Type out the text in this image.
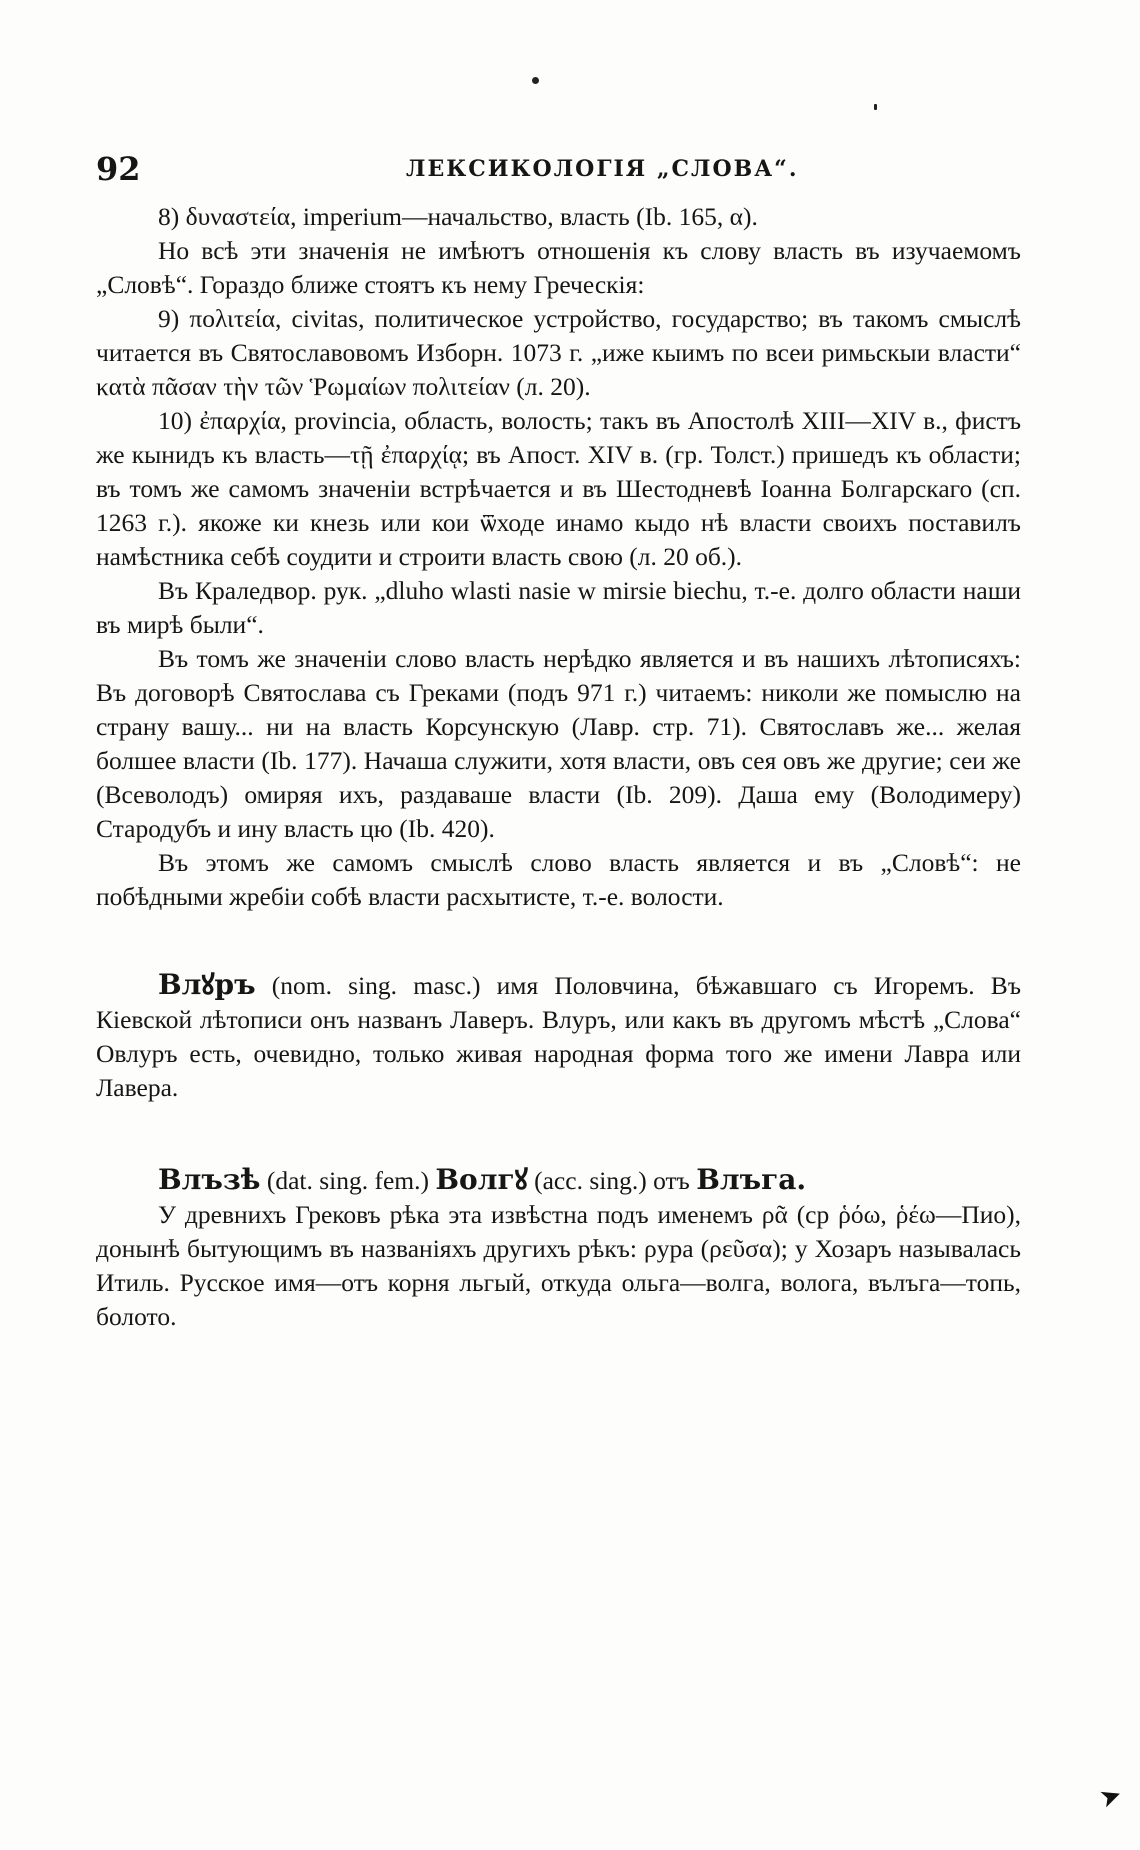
92	ЛЕКСИКОЛОГІЯ „СЛОВА“.

8) δυναστεία, imperium—начальство, власть (Ib. 165, α).

Но всѣ эти значенія не имѣютъ отношенія къ слову власть въ изучаемомъ „Словѣ“. Гораздо ближе стоятъ къ нему Греческія:

9) πολιτεία, civitas, политическое устройство, государство; въ такомъ смыслѣ читается въ Святославовомъ Изборн. 1073 г. „иже кыимъ по всеи римьскыи власти“ κατὰ πᾶσαν τὴν τῶν Ῥωμαίων πολιτείαν (л. 20).

10) ἐπαρχία, provincia, область, волость; такъ въ Апостолѣ XIII—XIV в., фистъ же кынидъ къ власть—τῇ ἐπαρχίᾳ; въ Апост. XIV в. (гр. Толст.) пришедъ къ области; въ томъ же самомъ значеніи встрѣчается и въ Шестодневѣ Іоанна Болгарскаго (сп. 1263 г.). якоже ки кнезь или кои ѿходе инамо кыдо нѣ власти своихъ поставилъ намѣстника себѣ соудити и строити власть свою (л. 20 об.).

Въ Краледвор. рук. „dluho wlasti nasie w mirsie biechu, т.-е. долго области наши въ мирѣ были“.

Въ томъ же значеніи слово власть нерѣдко является и въ нашихъ лѣтописяхъ: Въ договорѣ Святослава съ Греками (подъ 971 г.) читаемъ: николи же помыслю на страну вашу... ни на власть Корсунскую (Лавр. стр. 71). Святославъ же... желая болшее власти (Ib. 177). Начаша служити, хотя власти, овъ сея овъ же другие; сеи же (Всеволодъ) омиряя ихъ, раздаваше власти (Ib. 209). Даша ему (Володимеру) Стародубъ и ину власть цю (Ib. 420).

Въ этомъ же самомъ смыслѣ слово власть является и въ „Словѣ“: не побѣдными жребіи собѣ власти расхытисте, т.-е. волости.

Влꙋръ (nom. sing. masc.) имя Половчина, бѣжавшаго съ Игоремъ. Въ Кіевской лѣтописи онъ названъ Лаверъ. Влуръ, или какъ въ другомъ мѣстѣ „Слова“ Овлуръ есть, очевидно, только живая народная форма того же имени Лавра или Лавера.

Влъзѣ (dat. sing. fem.) Волгꙋ (acc. sing.) отъ Влъга.

У древнихъ Грековъ рѣка эта извѣстна подъ именемъ ρᾶ (ср ῥόω, ῥέω—Пио), донынѣ бытующимъ въ названіяхъ другихъ рѣкъ: ρура (ρεῦσα); у Хозаръ называлась Итиль. Русское имя—отъ корня льгый, откуда ольга—волга, волога, вълъга—топь, болото.

➤
